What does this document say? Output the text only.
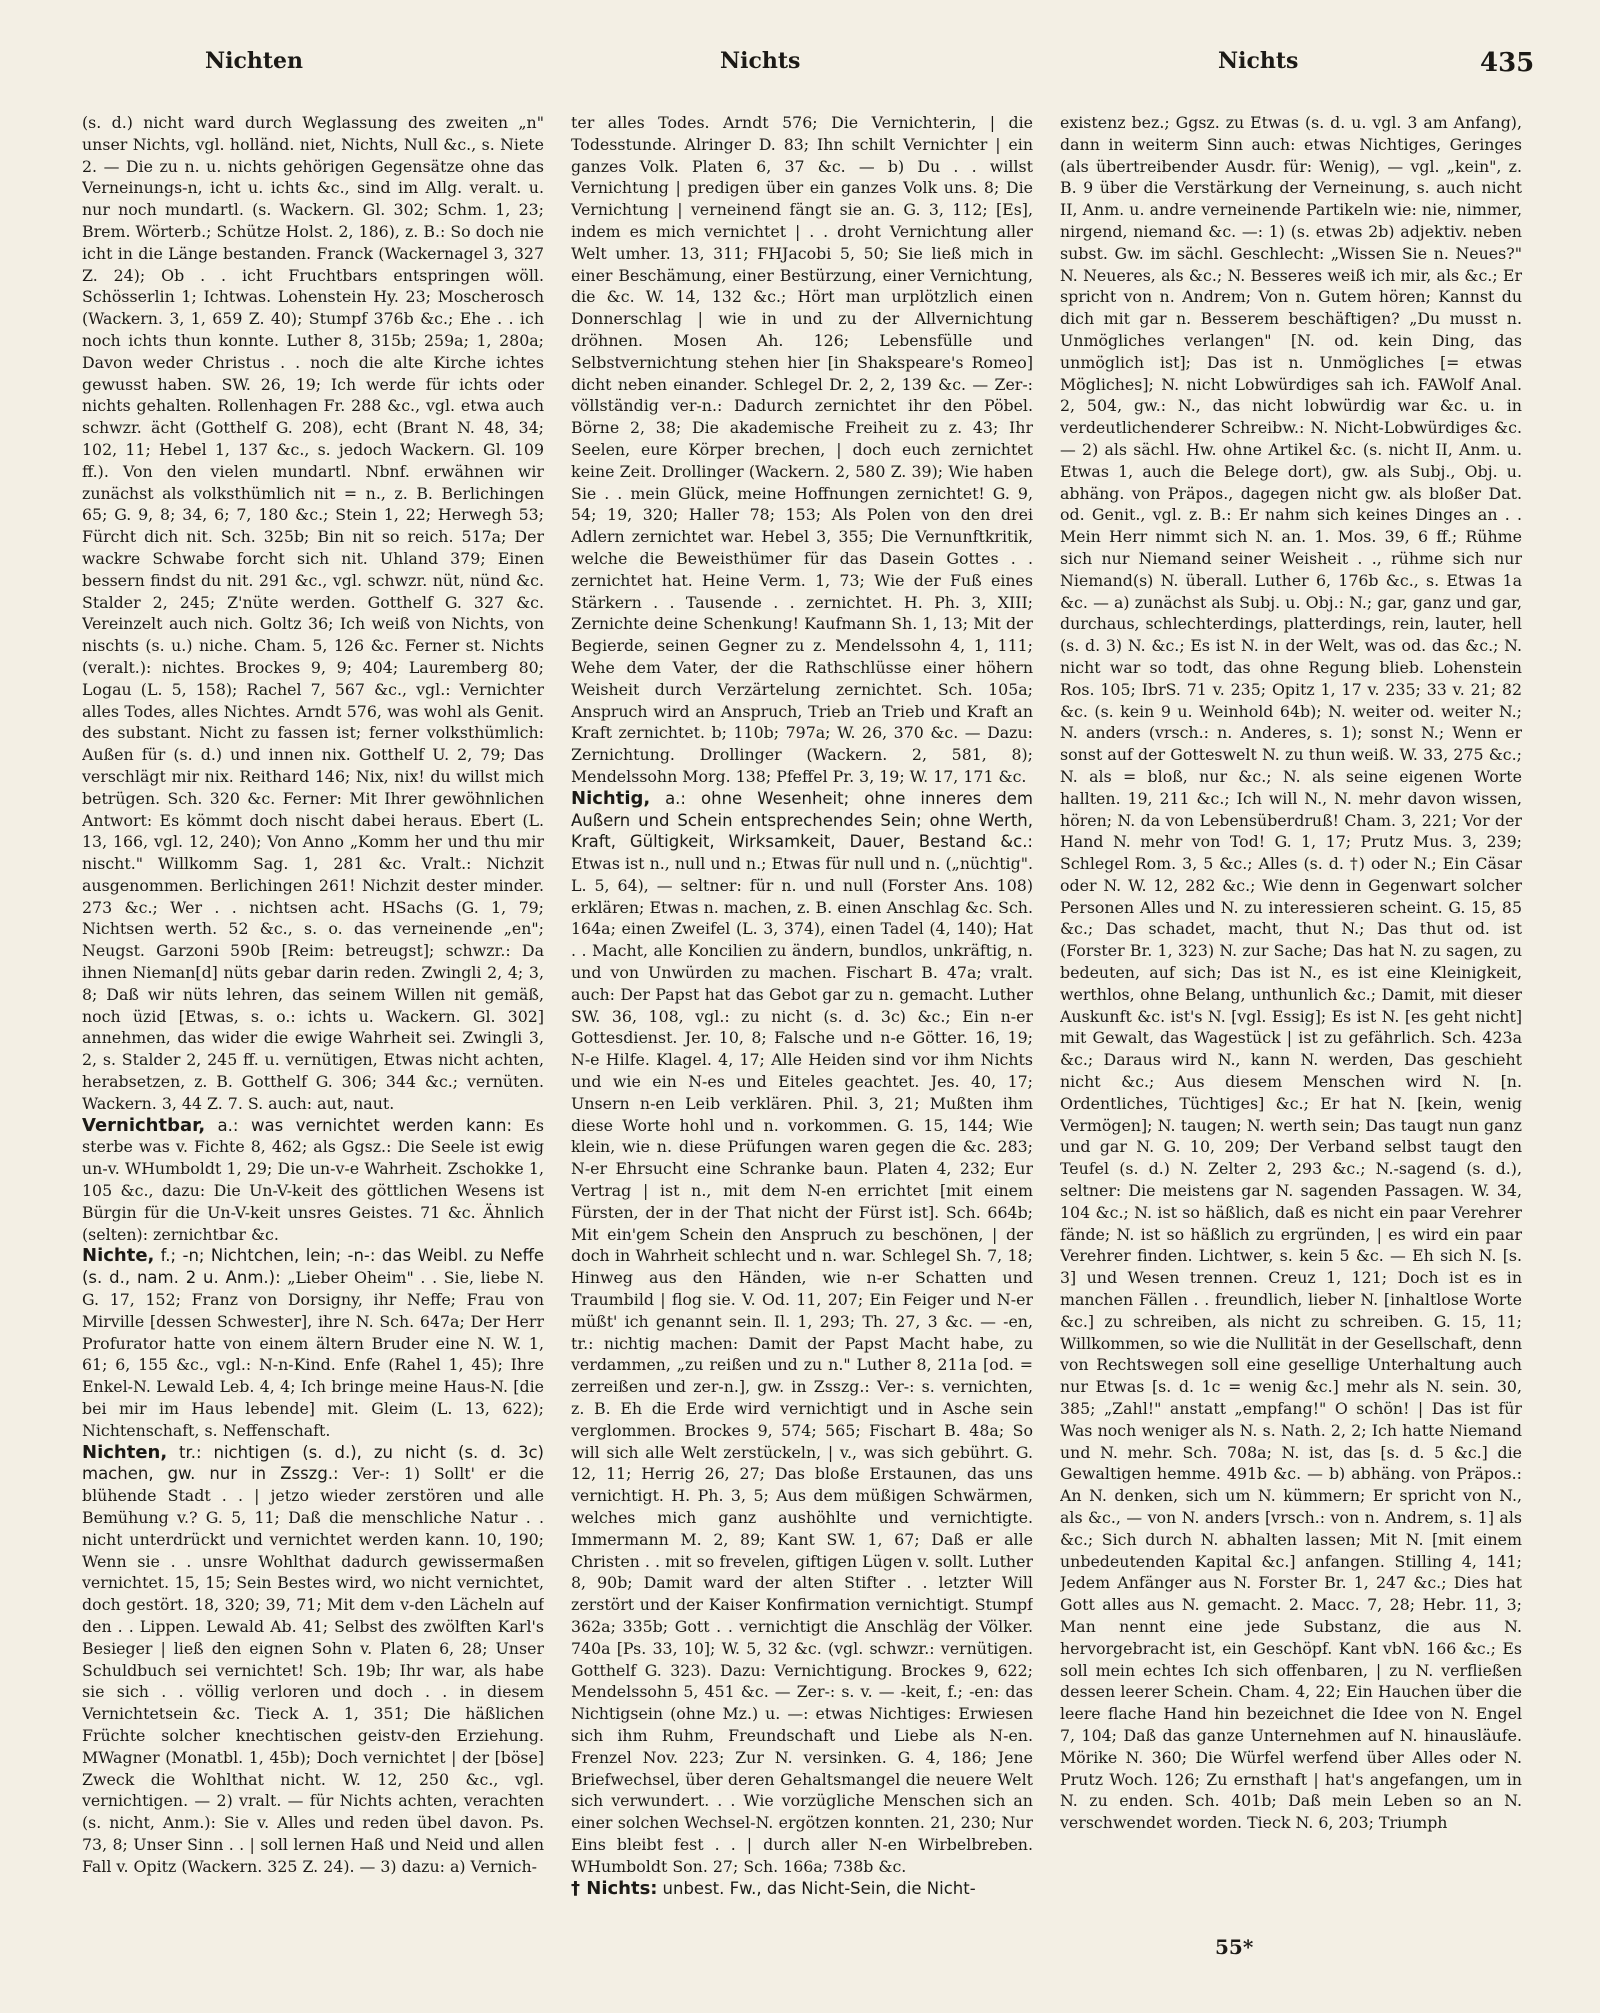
Nichten	Nichts	Nichts	435

(s. d.) nicht ward durch Weglassung des zweiten „n" unser Nichts, vgl. holländ. niet, Nichts, Null &c., s. Niete 2. — Die zu n. u. nichts gehörigen Gegensätze ohne das Verneinungs-n, icht u. ichts &c., sind im Allg. veralt. u. nur noch mundartl. (s. Wackern. Gl. 302; Schm. 1, 23; Brem. Wörterb.; Schütze Holst. 2, 186), z. B.: So doch nie icht in die Länge bestanden. Franck (Wackernagel 3, 327 Z. 24); Ob . . icht Fruchtbars entspringen wöll. Schösserlin 1; Ichtwas. Lohenstein Hy. 23; Moscherosch (Wackern. 3, 1, 659 Z. 40); Stumpf 376b &c.; Ehe . . ich noch ichts thun konnte. Luther 8, 315b; 259a; 1, 280a; Davon weder Christus . . noch die alte Kirche ichtes gewusst haben. SW. 26, 19; Ich werde für ichts oder nichts gehalten. Rollenhagen Fr. 288 &c., vgl. etwa auch schwzr. ächt (Gotthelf G. 208), echt (Brant N. 48, 34; 102, 11; Hebel 1, 137 &c., s. jedoch Wackern. Gl. 109 ff.). Von den vielen mundartl. Nbnf. erwähnen wir zunächst als volksthümlich nit = n., z. B. Berlichingen 65; G. 9, 8; 34, 6; 7, 180 &c.; Stein 1, 22; Herwegh 53; Fürcht dich nit. Sch. 325b; Bin nit so reich. 517a; Der wackre Schwabe forcht sich nit. Uhland 379; Einen bessern findst du nit. 291 &c., vgl. schwzr. nüt, nünd &c. Stalder 2, 245; Z'nüte werden. Gotthelf G. 327 &c. Vereinzelt auch nich. Goltz 36; Ich weiß von Nichts, von nischts (s. u.) niche. Cham. 5, 126 &c. Ferner st. Nichts (veralt.): nichtes. Brockes 9, 9; 404; Lauremberg 80; Logau (L. 5, 158); Rachel 7, 567 &c., vgl.: Vernichter alles Todes, alles Nichtes. Arndt 576, was wohl als Genit. des substant. Nicht zu fassen ist; ferner volksthümlich: Außen für (s. d.) und innen nix. Gotthelf U. 2, 79; Das verschlägt mir nix. Reithard 146; Nix, nix! du willst mich betrügen. Sch. 320 &c. Ferner: Mit Ihrer gewöhnlichen Antwort: Es kömmt doch nischt dabei heraus. Ebert (L. 13, 166, vgl. 12, 240); Von Anno „Komm her und thu mir nischt." Willkomm Sag. 1, 281 &c. Vralt.: Nichzit ausgenommen. Berlichingen 261! Nichzit dester minder. 273 &c.; Wer . . nichtsen acht. HSachs (G. 1, 79; Nichtsen werth. 52 &c., s. o. das verneinende „en"; Neugst. Garzoni 590b [Reim: betreugst]; schwzr.: Da ihnen Nieman[d] nüts gebar darin reden. Zwingli 2, 4; 3, 8; Daß wir nüts lehren, das seinem Willen nit gemäß, noch üzid [Etwas, s. o.: ichts u. Wackern. Gl. 302] annehmen, das wider die ewige Wahrheit sei. Zwingli 3, 2, s. Stalder 2, 245 ff. u. vernütigen, Etwas nicht achten, herabsetzen, z. B. Gotthelf G. 306; 344 &c.; vernüten. Wackern. 3, 44 Z. 7. S. auch: aut, naut.

Vernichtbar, a.: was vernichtet werden kann: Es sterbe was v. Fichte 8, 462; als Ggsz.: Die Seele ist ewig un-v. WHumboldt 1, 29; Die un-v-e Wahrheit. Zschokke 1, 105 &c., dazu: Die Un-V-keit des göttlichen Wesens ist Bürgin für die Un-V-keit unsres Geistes. 71 &c. Ähnlich (selten): zernichtbar &c.

Nichte, f.; -n; Nichtchen, lein; -n-: das Weibl. zu Neffe (s. d., nam. 2 u. Anm.): „Lieber Oheim" . . Sie, liebe N. G. 17, 152; Franz von Dorsigny, ihr Neffe; Frau von Mirville [dessen Schwester], ihre N. Sch. 647a; Der Herr Profurator hatte von einem ältern Bruder eine N. W. 1, 61; 6, 155 &c., vgl.: N-n-Kind. Enfe (Rahel 1, 45); Ihre Enkel-N. Lewald Leb. 4, 4; Ich bringe meine Haus-N. [die bei mir im Haus lebende] mit. Gleim (L. 13, 622); Nichtenschaft, s. Neffenschaft.

Nichten, tr.: nichtigen (s. d.), zu nicht (s. d. 3c) machen, gw. nur in Zsszg.: Ver-: 1) Sollt' er die blühende Stadt . . | jetzo wieder zerstören und alle Bemühung v.? G. 5, 11; Daß die menschliche Natur . . nicht unterdrückt und vernichtet werden kann. 10, 190; Wenn sie . . unsre Wohlthat dadurch gewissermaßen vernichtet. 15, 15; Sein Bestes wird, wo nicht vernichtet, doch gestört. 18, 320; 39, 71; Mit dem v-den Lächeln auf den . . Lippen. Lewald Ab. 41; Selbst des zwölften Karl's Besieger | ließ den eignen Sohn v. Platen 6, 28; Unser Schuldbuch sei vernichtet! Sch. 19b; Ihr war, als habe sie sich . . völlig verloren und doch . . in diesem Vernichtetsein &c. Tieck A. 1, 351; Die häßlichen Früchte solcher knechtischen geistv-den Erziehung. MWagner (Monatbl. 1, 45b); Doch vernichtet | der [böse] Zweck die Wohlthat nicht. W. 12, 250 &c., vgl. vernichtigen. — 2) vralt. — für Nichts achten, verachten (s. nicht, Anm.): Sie v. Alles und reden übel davon. Ps. 73, 8; Unser Sinn . . | soll lernen Haß und Neid und allen Fall v. Opitz (Wackern. 325 Z. 24). — 3) dazu: a) Vernich-

ter alles Todes. Arndt 576; Die Vernichterin, | die Todesstunde. Alringer D. 83; Ihn schilt Vernichter | ein ganzes Volk. Platen 6, 37 &c. — b) Du . . willst Vernichtung | predigen über ein ganzes Volk uns. 8; Die Vernichtung | verneinend fängt sie an. G. 3, 112; [Es], indem es mich vernichtet | . . droht Vernichtung aller Welt umher. 13, 311; FHJacobi 5, 50; Sie ließ mich in einer Beschämung, einer Bestürzung, einer Vernichtung, die &c. W. 14, 132 &c.; Hört man urplötzlich einen Donnerschlag | wie in und zu der Allvernichtung dröhnen. Mosen Ah. 126; Lebensfülle und Selbstvernichtung stehen hier [in Shakspeare's Romeo] dicht neben einander. Schlegel Dr. 2, 2, 139 &c. — Zer-: völlständig ver-n.: Dadurch zernichtet ihr den Pöbel. Börne 2, 38; Die akademische Freiheit zu z. 43; Ihr Seelen, eure Körper brechen, | doch euch zernichtet keine Zeit. Drollinger (Wackern. 2, 580 Z. 39); Wie haben Sie . . mein Glück, meine Hoffnungen zernichtet! G. 9, 54; 19, 320; Haller 78; 153; Als Polen von den drei Adlern zernichtet war. Hebel 3, 355; Die Vernunftkritik, welche die Beweisthümer für das Dasein Gottes . . zernichtet hat. Heine Verm. 1, 73; Wie der Fuß eines Stärkern . . Tausende . . zernichtet. H. Ph. 3, XIII; Zernichte deine Schenkung! Kaufmann Sh. 1, 13; Mit der Begierde, seinen Gegner zu z. Mendelssohn 4, 1, 111; Wehe dem Vater, der die Rathschlüsse einer höhern Weisheit durch Verzärtelung zernichtet. Sch. 105a; Anspruch wird an Anspruch, Trieb an Trieb und Kraft an Kraft zernichtet. b; 110b; 797a; W. 26, 370 &c. — Dazu: Zernichtung. Drollinger (Wackern. 2, 581, 8); Mendelssohn Morg. 138; Pfeffel Pr. 3, 19; W. 17, 171 &c.

Nichtig, a.: ohne Wesenheit; ohne inneres dem Außern und Schein entsprechendes Sein; ohne Werth, Kraft, Gültigkeit, Wirksamkeit, Dauer, Bestand &c.: Etwas ist n., null und n.; Etwas für null und n. („nüchtig". L. 5, 64), — seltner: für n. und null (Forster Ans. 108) erklären; Etwas n. machen, z. B. einen Anschlag &c. Sch. 164a; einen Zweifel (L. 3, 374), einen Tadel (4, 140); Hat . . Macht, alle Koncilien zu ändern, bundlos, unkräftig, n. und von Unwürden zu machen. Fischart B. 47a; vralt. auch: Der Papst hat das Gebot gar zu n. gemacht. Luther SW. 36, 108, vgl.: zu nicht (s. d. 3c) &c.; Ein n-er Gottesdienst. Jer. 10, 8; Falsche und n-e Götter. 16, 19; N-e Hilfe. Klagel. 4, 17; Alle Heiden sind vor ihm Nichts und wie ein N-es und Eiteles geachtet. Jes. 40, 17; Unsern n-en Leib verklären. Phil. 3, 21; Mußten ihm diese Worte hohl und n. vorkommen. G. 15, 144; Wie klein, wie n. diese Prüfungen waren gegen die &c. 283; N-er Ehrsucht eine Schranke baun. Platen 4, 232; Eur Vertrag | ist n., mit dem N-en errichtet [mit einem Fürsten, der in der That nicht der Fürst ist]. Sch. 664b; Mit ein'gem Schein den Anspruch zu beschönen, | der doch in Wahrheit schlecht und n. war. Schlegel Sh. 7, 18; Hinweg aus den Händen, wie n-er Schatten und Traumbild | flog sie. V. Od. 11, 207; Ein Feiger und N-er müßt' ich genannt sein. Il. 1, 293; Th. 27, 3 &c. — -en, tr.: nichtig machen: Damit der Papst Macht habe, zu verdammen, „zu reißen und zu n." Luther 8, 211a [od. = zerreißen und zer-n.], gw. in Zsszg.: Ver-: s. vernichten, z. B. Eh die Erde wird vernichtigt und in Asche sein verglommen. Brockes 9, 574; 565; Fischart B. 48a; So will sich alle Welt zerstückeln, | v., was sich gebührt. G. 12, 11; Herrig 26, 27; Das bloße Erstaunen, das uns vernichtigt. H. Ph. 3, 5; Aus dem müßigen Schwärmen, welches mich ganz aushöhlte und vernichtigte. Immermann M. 2, 89; Kant SW. 1, 67; Daß er alle Christen . . mit so frevelen, giftigen Lügen v. sollt. Luther 8, 90b; Damit ward der alten Stifter . . letzter Will zerstört und der Kaiser Konfirmation vernichtigt. Stumpf 362a; 335b; Gott . . vernichtigt die Anschläg der Völker. 740a [Ps. 33, 10]; W. 5, 32 &c. (vgl. schwzr.: vernütigen. Gotthelf G. 323). Dazu: Vernichtigung. Brockes 9, 622; Mendelssohn 5, 451 &c. — Zer-: s. v. — -keit, f.; -en: das Nichtigsein (ohne Mz.) u. —: etwas Nichtiges: Erwiesen sich ihm Ruhm, Freundschaft und Liebe als N-en. Frenzel Nov. 223; Zur N. versinken. G. 4, 186; Jene Briefwechsel, über deren Gehaltsmangel die neuere Welt sich verwundert. . . Wie vorzügliche Menschen sich an einer solchen Wechsel-N. ergötzen konnten. 21, 230; Nur Eins bleibt fest . . | durch aller N-en Wirbelbreben. WHumboldt Son. 27; Sch. 166a; 738b &c.

† Nichts: unbest. Fw., das Nicht-Sein, die Nicht-

existenz bez.; Ggsz. zu Etwas (s. d. u. vgl. 3 am Anfang), dann in weiterm Sinn auch: etwas Nichtiges, Geringes (als übertreibender Ausdr. für: Wenig), — vgl. „kein", z. B. 9 über die Verstärkung der Verneinung, s. auch nicht II, Anm. u. andre verneinende Partikeln wie: nie, nimmer, nirgend, niemand &c. —: 1) (s. etwas 2b) adjektiv. neben subst. Gw. im sächl. Geschlecht: „Wissen Sie n. Neues?" N. Neueres, als &c.; N. Besseres weiß ich mir, als &c.; Er spricht von n. Andrem; Von n. Gutem hören; Kannst du dich mit gar n. Besserem beschäftigen? „Du musst n. Unmögliches verlangen" [N. od. kein Ding, das unmöglich ist]; Das ist n. Unmögliches [= etwas Mögliches]; N. nicht Lobwürdiges sah ich. FAWolf Anal. 2, 504, gw.: N., das nicht lobwürdig war &c. u. in verdeutlichenderer Schreibw.: N. Nicht-Lobwürdiges &c. — 2) als sächl. Hw. ohne Artikel &c. (s. nicht II, Anm. u. Etwas 1, auch die Belege dort), gw. als Subj., Obj. u. abhäng. von Präpos., dagegen nicht gw. als bloßer Dat. od. Genit., vgl. z. B.: Er nahm sich keines Dinges an . . Mein Herr nimmt sich N. an. 1. Mos. 39, 6 ff.; Rühme sich nur Niemand seiner Weisheit . ., rühme sich nur Niemand(s) N. überall. Luther 6, 176b &c., s. Etwas 1a &c. — a) zunächst als Subj. u. Obj.: N.; gar, ganz und gar, durchaus, schlechterdings, platterdings, rein, lauter, hell (s. d. 3) N. &c.; Es ist N. in der Welt, was od. das &c.; N. nicht war so todt, das ohne Regung blieb. Lohenstein Ros. 105; IbrS. 71 v. 235; Opitz 1, 17 v. 235; 33 v. 21; 82 &c. (s. kein 9 u. Weinhold 64b); N. weiter od. weiter N.; N. anders (vrsch.: n. Anderes, s. 1); sonst N.; Wenn er sonst auf der Gotteswelt N. zu thun weiß. W. 33, 275 &c.; N. als = bloß, nur &c.; N. als seine eigenen Worte hallten. 19, 211 &c.; Ich will N., N. mehr davon wissen, hören; N. da von Lebensüberdruß! Cham. 3, 221; Vor der Hand N. mehr von Tod! G. 1, 17; Prutz Mus. 3, 239; Schlegel Rom. 3, 5 &c.; Alles (s. d. †) oder N.; Ein Cäsar oder N. W. 12, 282 &c.; Wie denn in Gegenwart solcher Personen Alles und N. zu interessieren scheint. G. 15, 85 &c.; Das schadet, macht, thut N.; Das thut od. ist (Forster Br. 1, 323) N. zur Sache; Das hat N. zu sagen, zu bedeuten, auf sich; Das ist N., es ist eine Kleinigkeit, werthlos, ohne Belang, unthunlich &c.; Damit, mit dieser Auskunft &c. ist's N. [vgl. Essig]; Es ist N. [es geht nicht] mit Gewalt, das Wagestück | ist zu gefährlich. Sch. 423a &c.; Daraus wird N., kann N. werden, Das geschieht nicht &c.; Aus diesem Menschen wird N. [n. Ordentliches, Tüchtiges] &c.; Er hat N. [kein, wenig Vermögen]; N. taugen; N. werth sein; Das taugt nun ganz und gar N. G. 10, 209; Der Verband selbst taugt den Teufel (s. d.) N. Zelter 2, 293 &c.; N.-sagend (s. d.), seltner: Die meistens gar N. sagenden Passagen. W. 34, 104 &c.; N. ist so häßlich, daß es nicht ein paar Verehrer fände; N. ist so häßlich zu ergründen, | es wird ein paar Verehrer finden. Lichtwer, s. kein 5 &c. — Eh sich N. [s. 3] und Wesen trennen. Creuz 1, 121; Doch ist es in manchen Fällen . . freundlich, lieber N. [inhaltlose Worte &c.] zu schreiben, als nicht zu schreiben. G. 15, 11; Willkommen, so wie die Nullität in der Gesellschaft, denn von Rechtswegen soll eine gesellige Unterhaltung auch nur Etwas [s. d. 1c = wenig &c.] mehr als N. sein. 30, 385; „Zahl!" anstatt „empfang!" O schön! | Das ist für Was noch weniger als N. s. Nath. 2, 2; Ich hatte Niemand und N. mehr. Sch. 708a; N. ist, das [s. d. 5 &c.] die Gewaltigen hemme. 491b &c. — b) abhäng. von Präpos.: An N. denken, sich um N. kümmern; Er spricht von N., als &c., — von N. anders [vrsch.: von n. Andrem, s. 1] als &c.; Sich durch N. abhalten lassen; Mit N. [mit einem unbedeutenden Kapital &c.] anfangen. Stilling 4, 141; Jedem Anfänger aus N. Forster Br. 1, 247 &c.; Dies hat Gott alles aus N. gemacht. 2. Macc. 7, 28; Hebr. 11, 3; Man nennt eine jede Substanz, die aus N. hervorgebracht ist, ein Geschöpf. Kant vbN. 166 &c.; Es soll mein echtes Ich sich offenbaren, | zu N. verfließen dessen leerer Schein. Cham. 4, 22; Ein Hauchen über die leere flache Hand hin bezeichnet die Idee von N. Engel 7, 104; Daß das ganze Unternehmen auf N. hinausläufe. Mörike N. 360; Die Würfel werfend über Alles oder N. Prutz Woch. 126; Zu ernsthaft | hat's angefangen, um in N. zu enden. Sch. 401b; Daß mein Leben so an N. verschwendet worden. Tieck N. 6, 203; Triumph

55*
